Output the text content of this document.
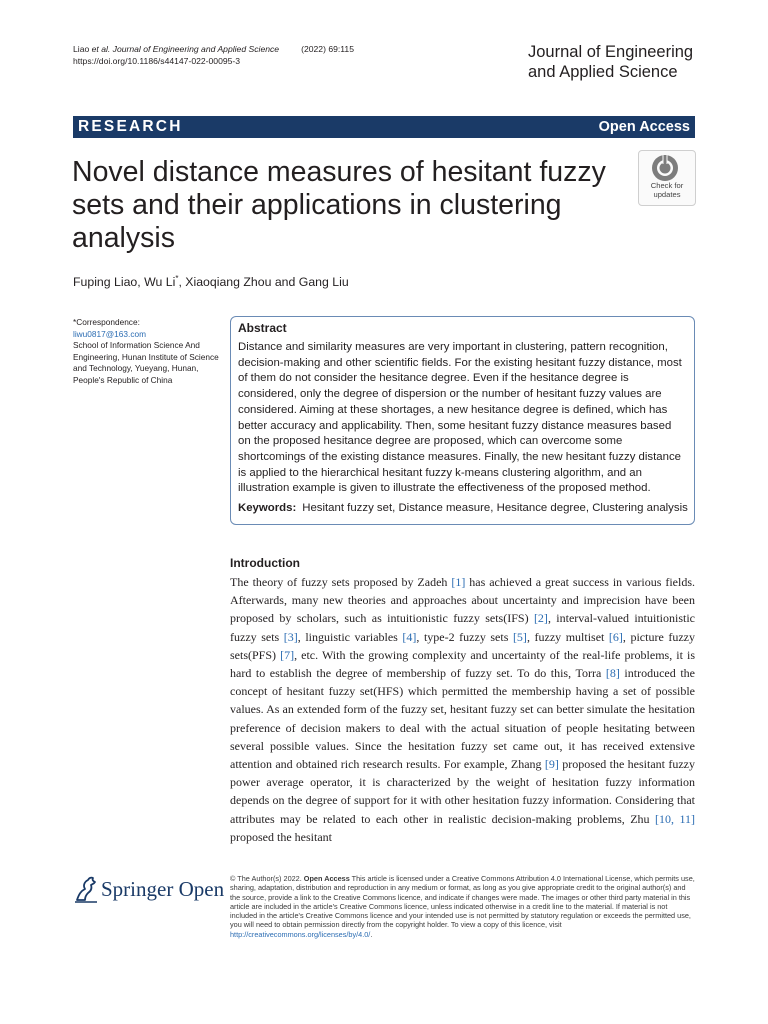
Liao et al. Journal of Engineering and Applied Science	(2022) 69:115
https://doi.org/10.1186/s44147-022-00095-3	Journal of Engineering
and Applied Science
RESEARCH	Open Access
Novel distance measures of hesitant fuzzy sets and their applications in clustering analysis
Check for
updates
Fuping Liao, Wu Li*, Xiaoqiang Zhou and Gang Liu
*Correspondence:
liwu0817@163.com
School of Information Science And Engineering, Hunan Institute of Science and Technology, Yueyang, Hunan, People's Republic of China
Abstract
Distance and similarity measures are very important in clustering, pattern recognition, decision-making and other scientific fields. For the existing hesitant fuzzy distance, most of them do not consider the hesitance degree. Even if the hesitance degree is considered, only the degree of dispersion or the number of hesitant fuzzy values are considered. Aiming at these shortages, a new hesitance degree is defined, which has better accuracy and applicability. Then, some hesitant fuzzy distance measures based on the proposed hesitance degree are proposed, which can overcome some shortcomings of the existing distance measures. Finally, the new hesitant fuzzy distance is applied to the hierarchical hesitant fuzzy k-means clustering algorithm, and an illustration example is given to illustrate the effectiveness of the proposed method.
Keywords: Hesitant fuzzy set, Distance measure, Hesitance degree, Clustering analysis
Introduction
The theory of fuzzy sets proposed by Zadeh [1] has achieved a great success in various fields. Afterwards, many new theories and approaches about uncertainty and imprecision have been proposed by scholars, such as intuitionistic fuzzy sets(IFS) [2], interval-valued intuitionistic fuzzy sets [3], linguistic variables [4], type-2 fuzzy sets [5], fuzzy multiset [6], picture fuzzy sets(PFS) [7], etc. With the growing complexity and uncertainty of the real-life problems, it is hard to establish the degree of membership of fuzzy set. To do this, Torra [8] introduced the concept of hesitant fuzzy set(HFS) which permitted the membership having a set of possible values. As an extended form of the fuzzy set, hesitant fuzzy set can better simulate the hesitation preference of decision makers to deal with the actual situation of people hesitating between several possible values. Since the hesitation fuzzy set came out, it has received extensive attention and obtained rich research results. For example, Zhang [9] proposed the hesitant fuzzy power average operator, it is characterized by the weight of hesitation fuzzy information depends on the degree of support for it with other hesitation fuzzy information. Considering that attributes may be related to each other in realistic decision-making problems, Zhu [10, 11] proposed the hesitant
Springer Open © The Author(s) 2022. Open Access This article is licensed under a Creative Commons Attribution 4.0 International License, which permits use, sharing, adaptation, distribution and reproduction in any medium or format, as long as you give appropriate credit to the original author(s) and the source, provide a link to the Creative Commons licence, and indicate if changes were made. The images or other third party material in this article are included in the article's Creative Commons licence, unless indicated otherwise in a credit line to the material. If material is not included in the article's Creative Commons licence and your intended use is not permitted by statutory regulation or exceeds the permitted use, you will need to obtain permission directly from the copyright holder. To view a copy of this licence, visit http://creativecommons.org/licenses/by/4.0/.
